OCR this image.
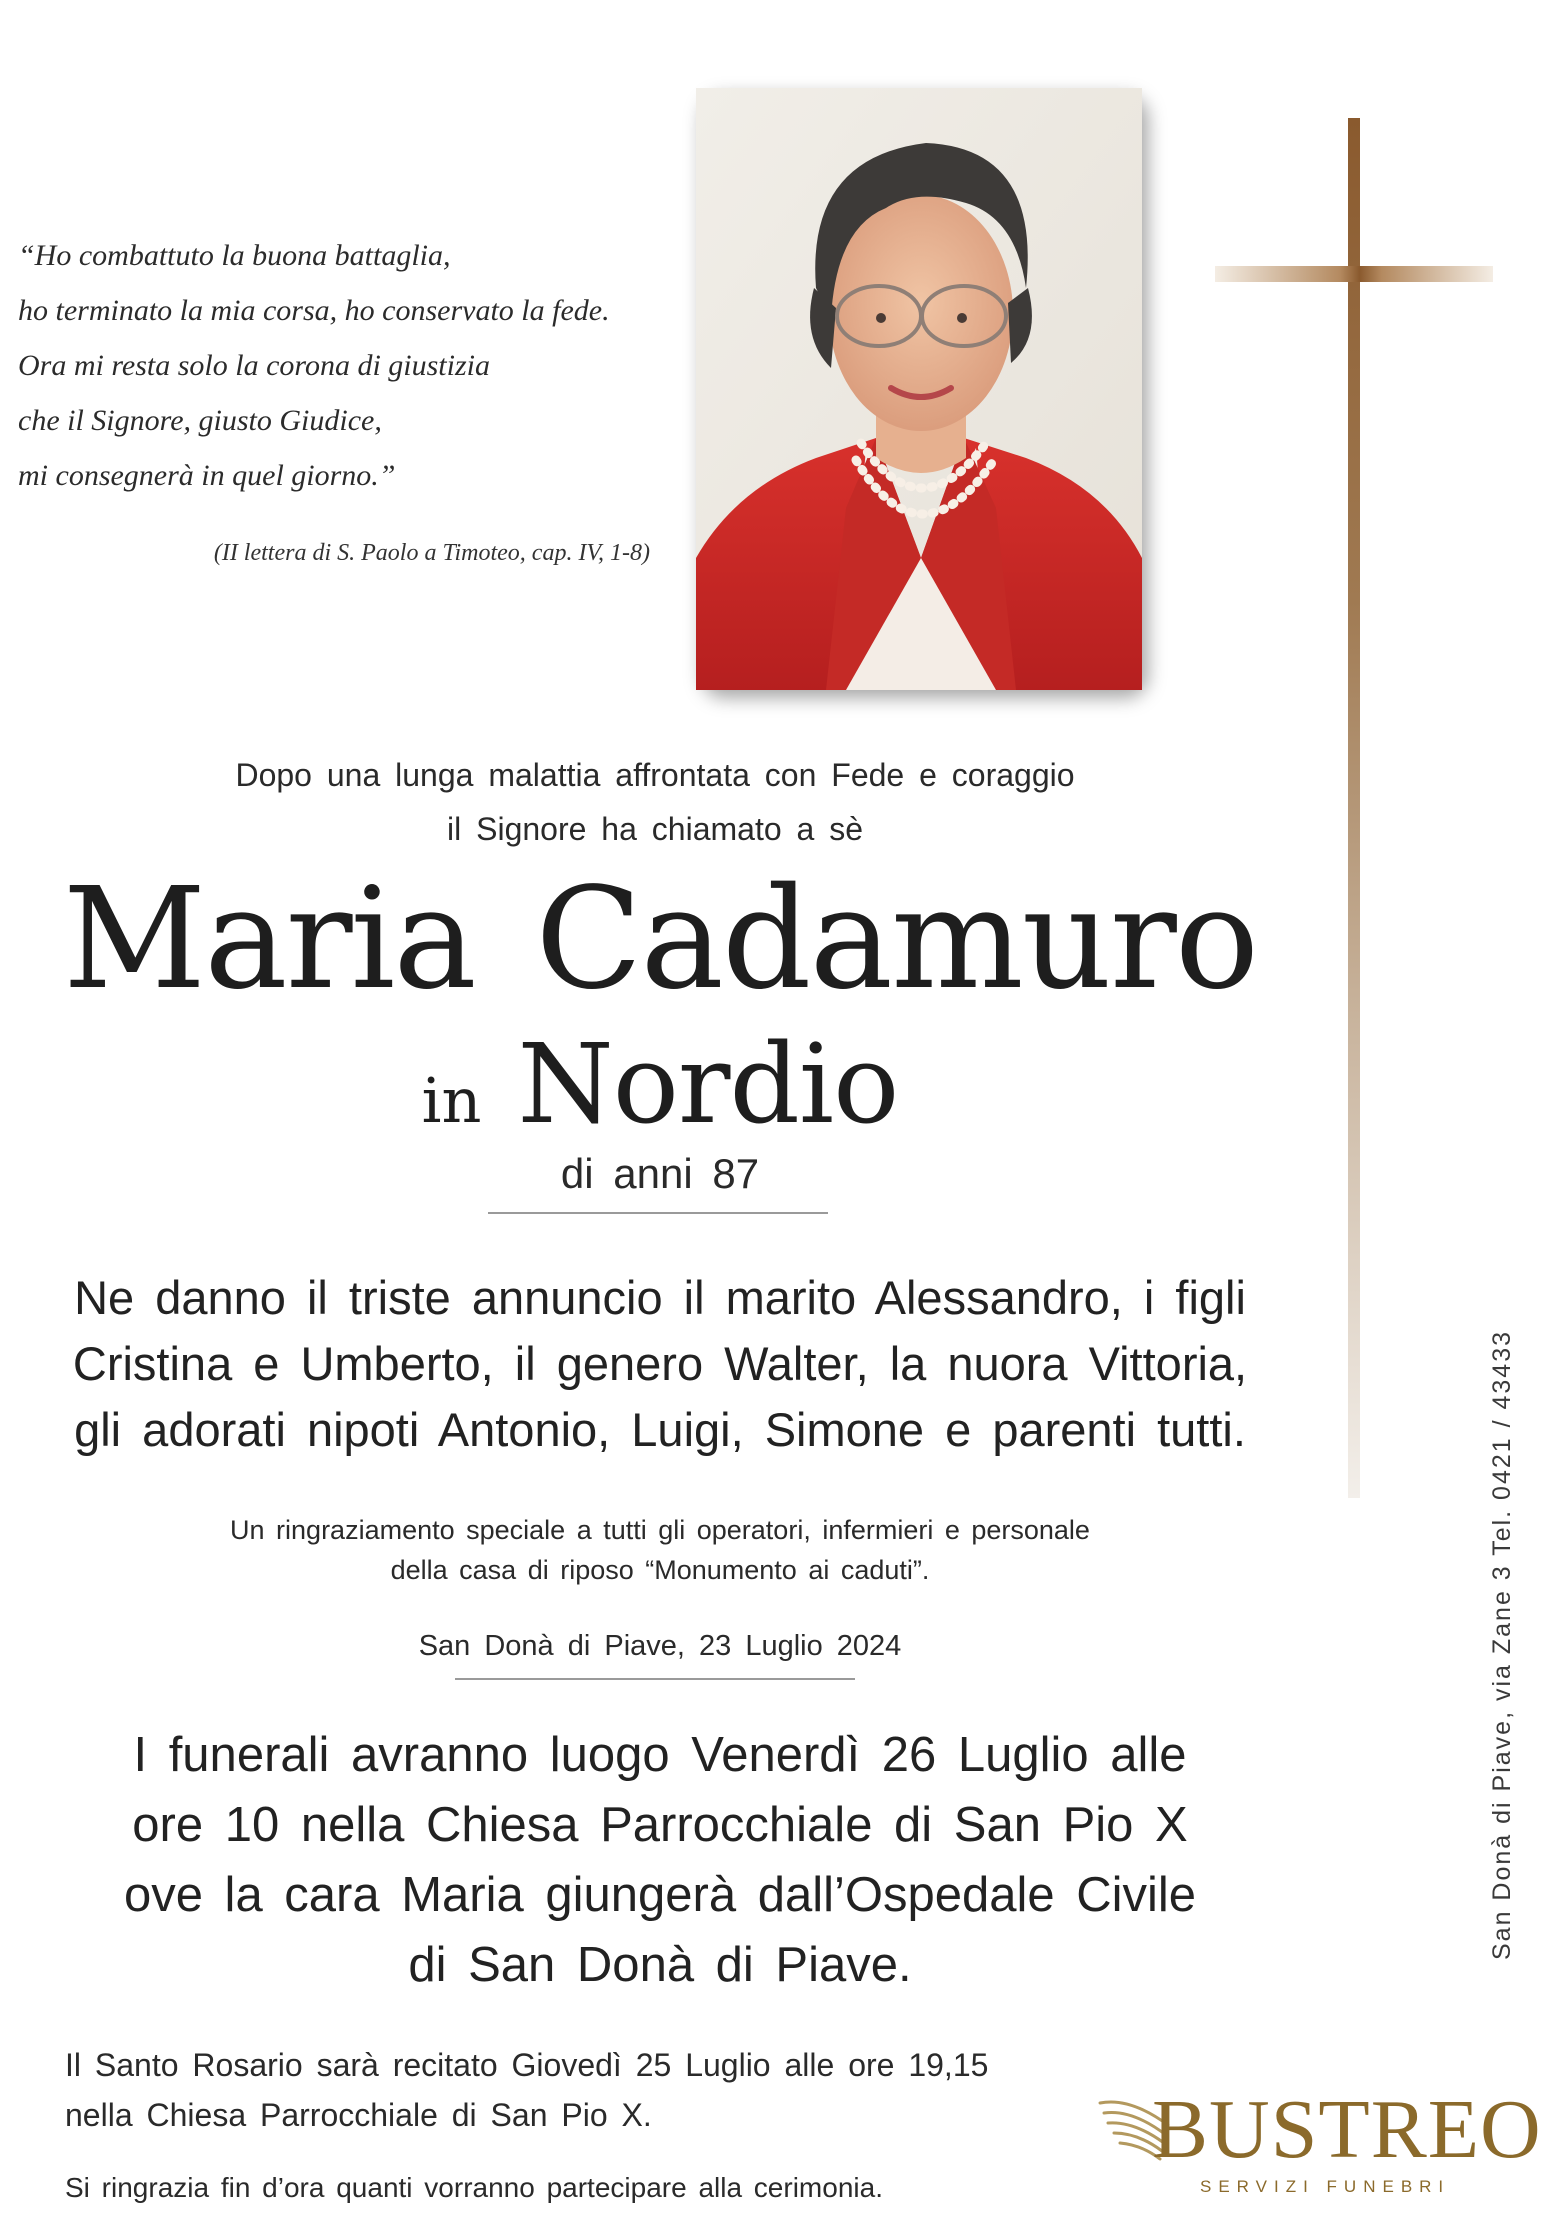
“Ho combattuto la buona battaglia,
ho terminato la mia corsa, ho conservato la fede.
Ora mi resta solo la corona di giustizia
che il Signore, giusto Giudice,
mi consegnerà in quel giorno.”
(II lettera di S. Paolo a Timoteo, cap. IV, 1-8)
San Donà di Piave, via Zane 3 Tel. 0421 / 43433
Dopo una lunga malattia affrontata con Fede e coraggio
il Signore ha chiamato a sè
Maria Cadamuro
in Nordio
di anni 87
Ne danno il triste annuncio il marito Alessandro, i figli
Cristina e Umberto, il genero Walter, la nuora Vittoria,
gli adorati nipoti Antonio, Luigi, Simone e parenti tutti.
Un ringraziamento speciale a tutti gli operatori, infermieri e personale
della casa di riposo “Monumento ai caduti”.
San Donà di Piave, 23 Luglio 2024
I funerali avranno luogo Venerdì 26 Luglio alle
ore 10 nella Chiesa Parrocchiale di San Pio X
ove la cara Maria giungerà dall’Ospedale Civile
di San Donà di Piave.
Il Santo Rosario sarà recitato Giovedì 25 Luglio alle ore 19,15
nella Chiesa Parrocchiale di San Pio X.
Si ringrazia fin d’ora quanti vorranno partecipare alla cerimonia.
BUSTREO
SERVIZI FUNEBRI
